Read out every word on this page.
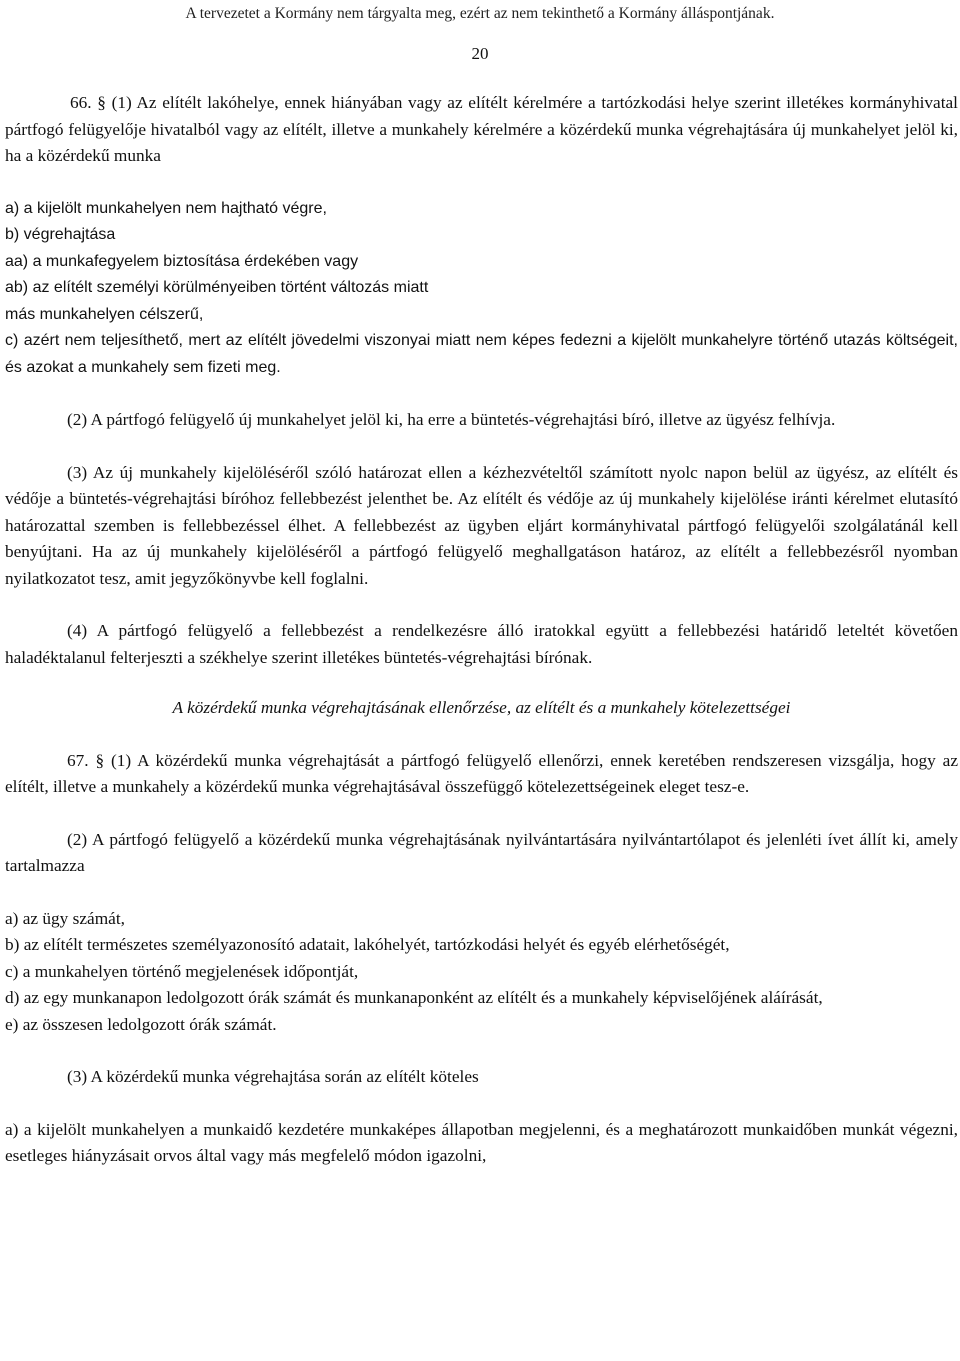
A tervezetet a Kormány nem tárgyalta meg, ezért az nem tekinthető a Kormány álláspontjának.
20

66. § (1) Az elítélt lakóhelye, ennek hiányában vagy az elítélt kérelmére a tartózkodási helye szerint illetékes kormányhivatal pártfogó felügyelője hivatalból vagy az elítélt, illetve a munkahely kérelmére a közérdekű munka végrehajtására új munkahelyet jelöl ki, ha a közérdekű munka

a) a kijelölt munkahelyen nem hajtható végre,

b) végrehajtása

aa) a munkafegyelem biztosítása érdekében vagy

ab) az elítélt személyi körülményeiben történt változás miatt

más munkahelyen célszerű,

c) azért nem teljesíthető, mert az elítélt jövedelmi viszonyai miatt nem képes fedezni a kijelölt munkahelyre történő utazás költségeit, és azokat a munkahely sem fizeti meg.

(2) A pártfogó felügyelő új munkahelyet jelöl ki, ha erre a büntetés-végrehajtási bíró, illetve az ügyész felhívja.

(3) Az új munkahely kijelöléséről szóló határozat ellen a kézhezvételtől számított nyolc napon belül az ügyész, az elítélt és védője a büntetés-végrehajtási bíróhoz fellebbezést jelenthet be. Az elítélt és védője az új munkahely kijelölése iránti kérelmet elutasító határozattal szemben is fellebbezéssel élhet. A fellebbezést az ügyben eljárt kormányhivatal pártfogó felügyelői szolgálatánál kell benyújtani. Ha az új munkahely kijelöléséről a pártfogó felügyelő meghallgatáson határoz, az elítélt a fellebbezésről nyomban nyilatkozatot tesz, amit jegyzőkönyvbe kell foglalni.

(4) A pártfogó felügyelő a fellebbezést a rendelkezésre álló iratokkal együtt a fellebbezési határidő leteltét követően haladéktalanul felterjeszti a székhelye szerint illetékes büntetés-végrehajtási bírónak.

A közérdekű munka végrehajtásának ellenőrzése, az elítélt és a munkahely kötelezettségei

67. § (1) A közérdekű munka végrehajtását a pártfogó felügyelő ellenőrzi, ennek keretében rendszeresen vizsgálja, hogy az elítélt, illetve a munkahely a közérdekű munka végrehajtásával összefüggő kötelezettségeinek eleget tesz-e.

(2) A pártfogó felügyelő a közérdekű munka végrehajtásának nyilvántartására nyilvántartólapot és jelenléti ívet állít ki, amely tartalmazza

a) az ügy számát,

b) az elítélt természetes személyazonosító adatait, lakóhelyét, tartózkodási helyét és egyéb elérhetőségét,

c) a munkahelyen történő megjelenések időpontját,

d) az egy munkanapon ledolgozott órák számát és munkanaponként az elítélt és a munkahely képviselőjének aláírását,

e) az összesen ledolgozott órák számát.

(3) A közérdekű munka végrehajtása során az elítélt köteles

a) a kijelölt munkahelyen a munkaidő kezdetére munkaképes állapotban megjelenni, és a meghatározott munkaidőben munkát végezni, esetleges hiányzásait orvos által vagy más megfelelő módon igazolni,
